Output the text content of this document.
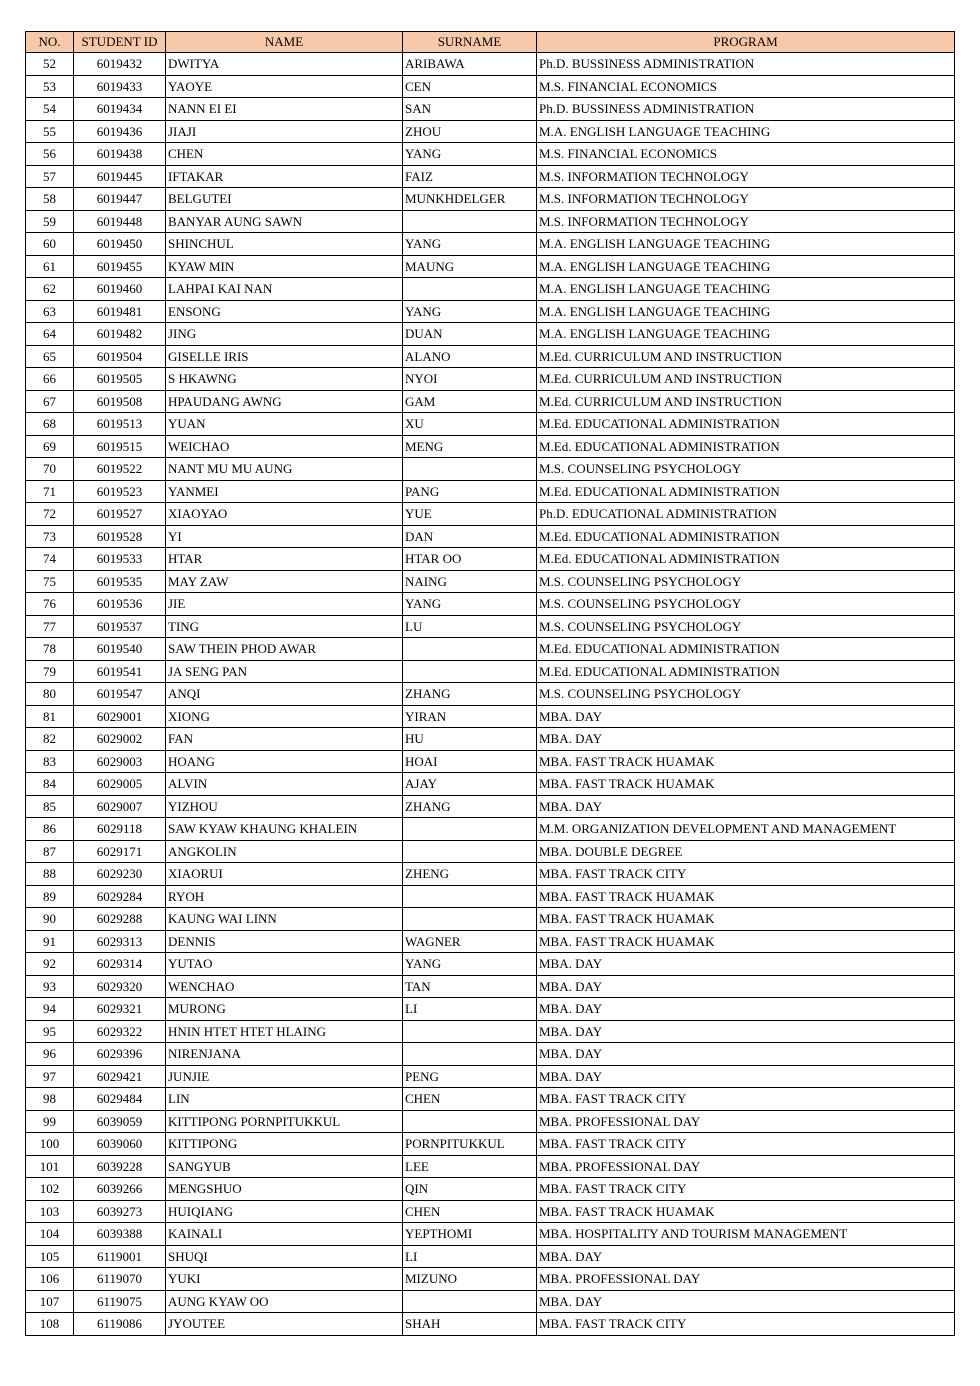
NO.	STUDENT ID	NAME	SURNAME	PROGRAM
52	6019432	DWITYA	ARIBAWA	Ph.D. BUSSINESS ADMINISTRATION
53	6019433	YAOYE	CEN	M.S. FINANCIAL ECONOMICS
54	6019434	NANN EI EI	SAN	Ph.D. BUSSINESS ADMINISTRATION
55	6019436	JIAJI	ZHOU	M.A. ENGLISH LANGUAGE TEACHING
56	6019438	CHEN	YANG	M.S. FINANCIAL ECONOMICS
57	6019445	IFTAKAR	FAIZ	M.S. INFORMATION TECHNOLOGY
58	6019447	BELGUTEI	MUNKHDELGER	M.S. INFORMATION TECHNOLOGY
59	6019448	BANYAR AUNG SAWN		M.S. INFORMATION TECHNOLOGY
60	6019450	SHINCHUL	YANG	M.A. ENGLISH LANGUAGE TEACHING
61	6019455	KYAW MIN	MAUNG	M.A. ENGLISH LANGUAGE TEACHING
62	6019460	LAHPAI KAI NAN		M.A. ENGLISH LANGUAGE TEACHING
63	6019481	ENSONG	YANG	M.A. ENGLISH LANGUAGE TEACHING
64	6019482	JING	DUAN	M.A. ENGLISH LANGUAGE TEACHING
65	6019504	GISELLE IRIS	ALANO	M.Ed. CURRICULUM AND INSTRUCTION
66	6019505	S HKAWNG	NYOI	M.Ed. CURRICULUM AND INSTRUCTION
67	6019508	HPAUDANG AWNG	GAM	M.Ed. CURRICULUM AND INSTRUCTION
68	6019513	YUAN	XU	M.Ed. EDUCATIONAL ADMINISTRATION
69	6019515	WEICHAO	MENG	M.Ed. EDUCATIONAL ADMINISTRATION
70	6019522	NANT MU MU AUNG		M.S. COUNSELING PSYCHOLOGY
71	6019523	YANMEI	PANG	M.Ed. EDUCATIONAL ADMINISTRATION
72	6019527	XIAOYAO	YUE	Ph.D. EDUCATIONAL ADMINISTRATION
73	6019528	YI	DAN	M.Ed. EDUCATIONAL ADMINISTRATION
74	6019533	HTAR	HTAR OO	M.Ed. EDUCATIONAL ADMINISTRATION
75	6019535	MAY ZAW	NAING	M.S. COUNSELING PSYCHOLOGY
76	6019536	JIE	YANG	M.S. COUNSELING PSYCHOLOGY
77	6019537	TING	LU	M.S. COUNSELING PSYCHOLOGY
78	6019540	SAW THEIN PHOD AWAR		M.Ed. EDUCATIONAL ADMINISTRATION
79	6019541	JA SENG PAN		M.Ed. EDUCATIONAL ADMINISTRATION
80	6019547	ANQI	ZHANG	M.S. COUNSELING PSYCHOLOGY
81	6029001	XIONG	YIRAN	MBA. DAY
82	6029002	FAN	HU	MBA. DAY
83	6029003	HOANG	HOAI	MBA. FAST TRACK HUAMAK
84	6029005	ALVIN	AJAY	MBA. FAST TRACK HUAMAK
85	6029007	YIZHOU	ZHANG	MBA. DAY
86	6029118	SAW KYAW KHAUNG KHALEIN		M.M. ORGANIZATION DEVELOPMENT AND MANAGEMENT
87	6029171	ANGKOLIN		MBA. DOUBLE DEGREE
88	6029230	XIAORUI	ZHENG	MBA. FAST TRACK CITY
89	6029284	RYOH		MBA. FAST TRACK HUAMAK
90	6029288	KAUNG WAI LINN		MBA. FAST TRACK HUAMAK
91	6029313	DENNIS	WAGNER	MBA. FAST TRACK HUAMAK
92	6029314	YUTAO	YANG	MBA. DAY
93	6029320	WENCHAO	TAN	MBA. DAY
94	6029321	MURONG	LI	MBA. DAY
95	6029322	HNIN HTET HTET HLAING		MBA. DAY
96	6029396	NIRENJANA		MBA. DAY
97	6029421	JUNJIE	PENG	MBA. DAY
98	6029484	LIN	CHEN	MBA. FAST TRACK CITY
99	6039059	KITTIPONG PORNPITUKKUL		MBA. PROFESSIONAL DAY
100	6039060	KITTIPONG	PORNPITUKKUL	MBA. FAST TRACK CITY
101	6039228	SANGYUB	LEE	MBA. PROFESSIONAL DAY
102	6039266	MENGSHUO	QIN	MBA. FAST TRACK CITY
103	6039273	HUIQIANG	CHEN	MBA. FAST TRACK HUAMAK
104	6039388	KAINALI	YEPTHOMI	MBA. HOSPITALITY AND TOURISM MANAGEMENT
105	6119001	SHUQI	LI	MBA. DAY
106	6119070	YUKI	MIZUNO	MBA. PROFESSIONAL DAY
107	6119075	AUNG KYAW OO		MBA. DAY
108	6119086	JYOUTEE	SHAH	MBA. FAST TRACK CITY
